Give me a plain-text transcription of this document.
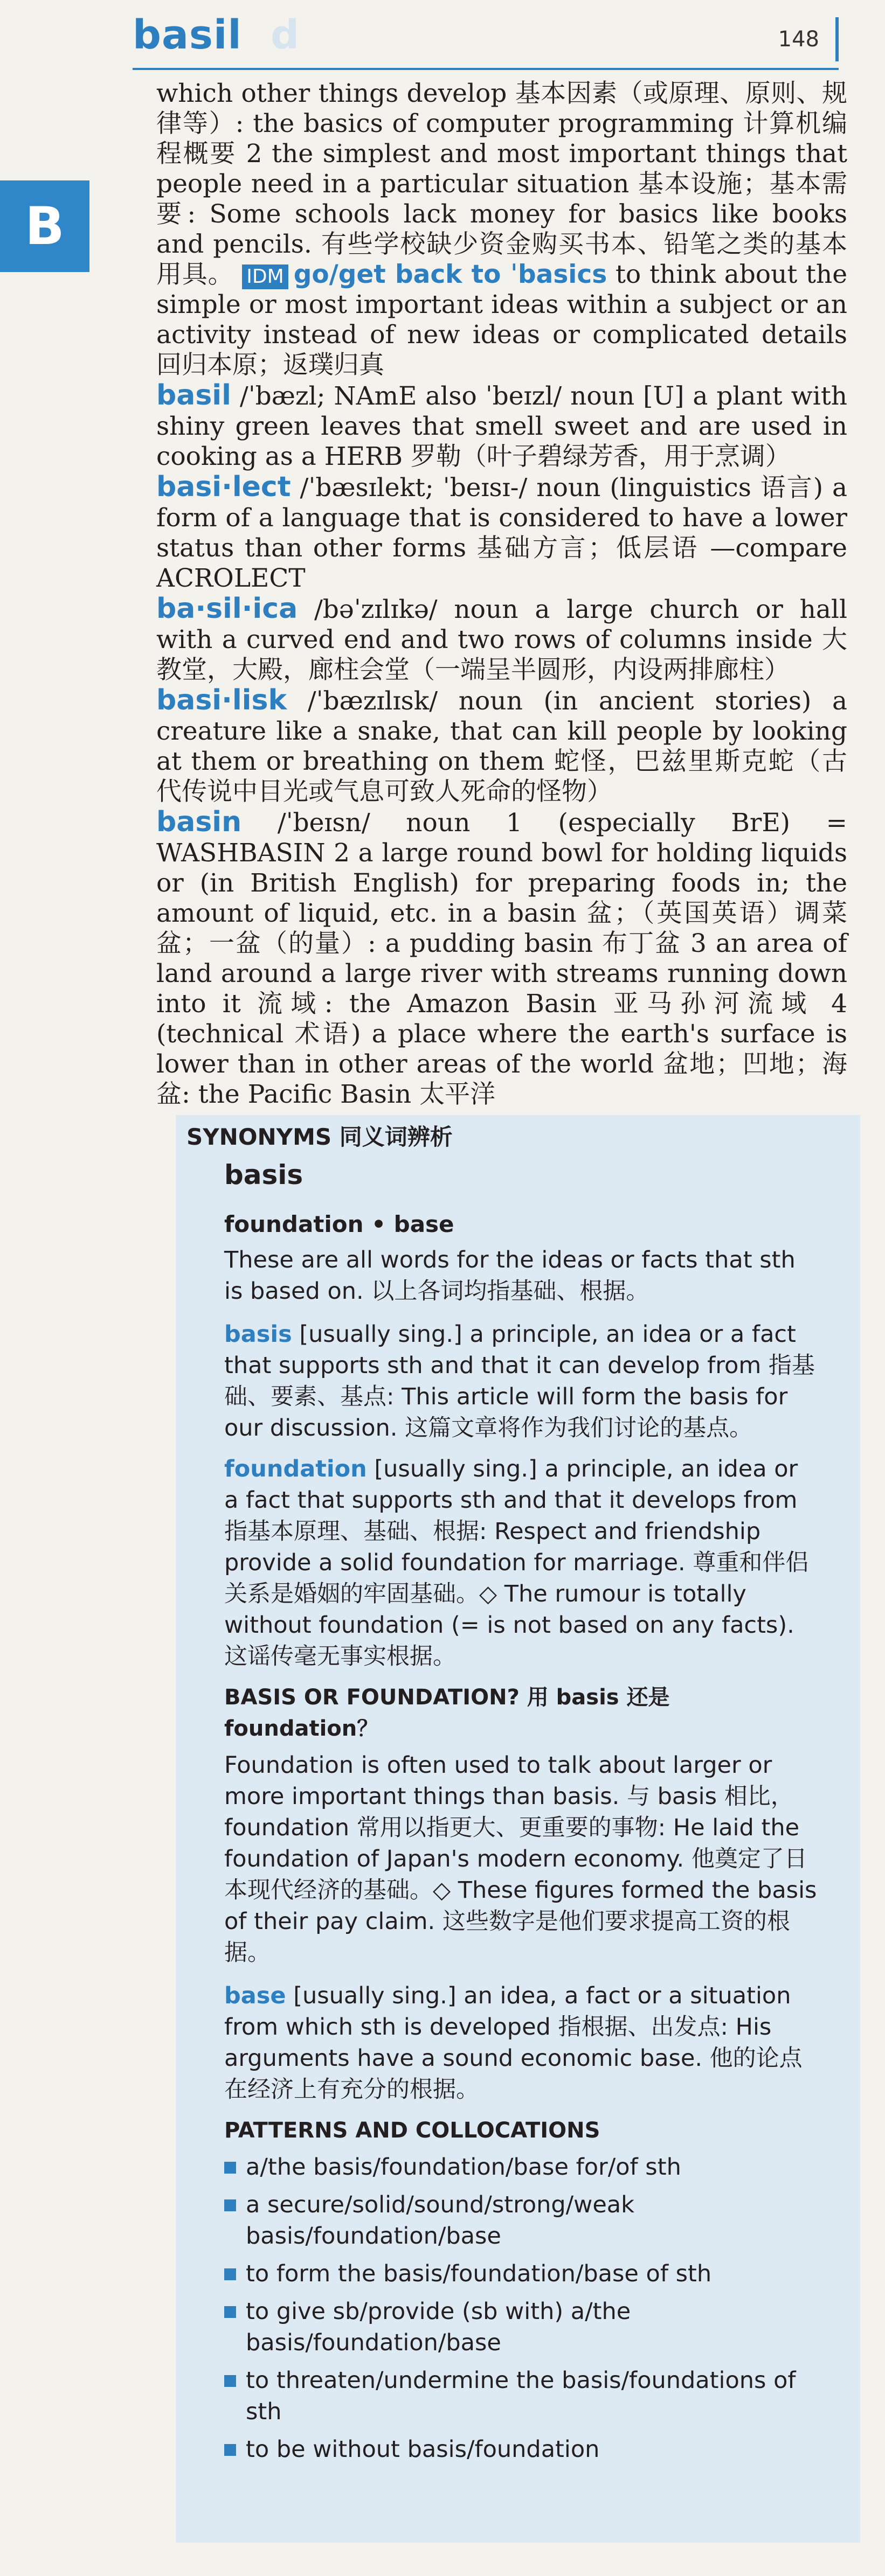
basil d	148
B
which other things develop 基本因素（或原理、原则、规律等）: the basics of computer programming 计算机编程概要 2 the simplest and most important things that people need in a particular situation 基本设施；基本需要: Some schools lack money for basics like books and pencils. 有些学校缺少资金购买书本、铅笔之类的基本用具。 IDM go/get back to ˈbasics to think about the simple or most important ideas within a subject or an activity instead of new ideas or complicated details 回归本原；返璞归真
basil /ˈbæzl; NAmE also ˈbeɪzl/ noun [U] a plant with shiny green leaves that smell sweet and are used in cooking as a HERB 罗勒（叶子碧绿芳香，用于烹调）
basi·lect /ˈbæsɪlekt; ˈbeɪsɪ-/ noun (linguistics 语言) a form of a language that is considered to have a lower status than other forms 基础方言；低层语 —compare ACROLECT
ba·sil·ica /bəˈzɪlɪkə/ noun a large church or hall with a curved end and two rows of columns inside 大教堂，大殿，廊柱会堂（一端呈半圆形，内设两排廊柱）
basi·lisk /ˈbæzɪlɪsk/ noun (in ancient stories) a creature like a snake, that can kill people by looking at them or breathing on them 蛇怪，巴兹里斯克蛇（古代传说中目光或气息可致人死命的怪物）
basin /ˈbeɪsn/ noun 1 (especially BrE) = WASHBASIN 2 a large round bowl for holding liquids or (in British English) for preparing foods in; the amount of liquid, etc. in a basin 盆；（英国英语）调菜盆；一盆（的量）: a pudding basin 布丁盆 3 an area of land around a large river with streams running down into it 流域: the Amazon Basin 亚马孙河流域 4 (technical 术语) a place where the earth's surface is lower than in other areas of the world 盆地；凹地；海盆: the Pacific Basin 太平洋
SYNONYMS 同义词辨析
basis
foundation • base
These are all words for the ideas or facts that sth is based on. 以上各词均指基础、根据。
basis [usually sing.] a principle, an idea or a fact that supports sth and that it can develop from 指基础、要素、基点: This article will form the basis for our discussion. 这篇文章将作为我们讨论的基点。
foundation [usually sing.] a principle, an idea or a fact that supports sth and that it develops from 指基本原理、基础、根据: Respect and friendship provide a solid foundation for marriage. 尊重和伴侣关系是婚姻的牢固基础。◇ The rumour is totally without foundation (= is not based on any facts). 这谣传毫无事实根据。
BASIS OR FOUNDATION? 用 basis 还是 foundation？
Foundation is often used to talk about larger or more important things than basis. 与 basis 相比，foundation 常用以指更大、更重要的事物: He laid the foundation of Japan's modern economy. 他奠定了日本现代经济的基础。◇ These figures formed the basis of their pay claim. 这些数字是他们要求提高工资的根据。
base [usually sing.] an idea, a fact or a situation from which sth is developed 指根据、出发点: His arguments have a sound economic base. 他的论点在经济上有充分的根据。
PATTERNS AND COLLOCATIONS
a/the basis/foundation/base for/of sth
a secure/solid/sound/strong/weak basis/foundation/base
to form the basis/foundation/base of sth
to give sb/provide (sb with) a/the basis/foundation/base
to threaten/undermine the basis/foundations of sth
to be without basis/foundation
